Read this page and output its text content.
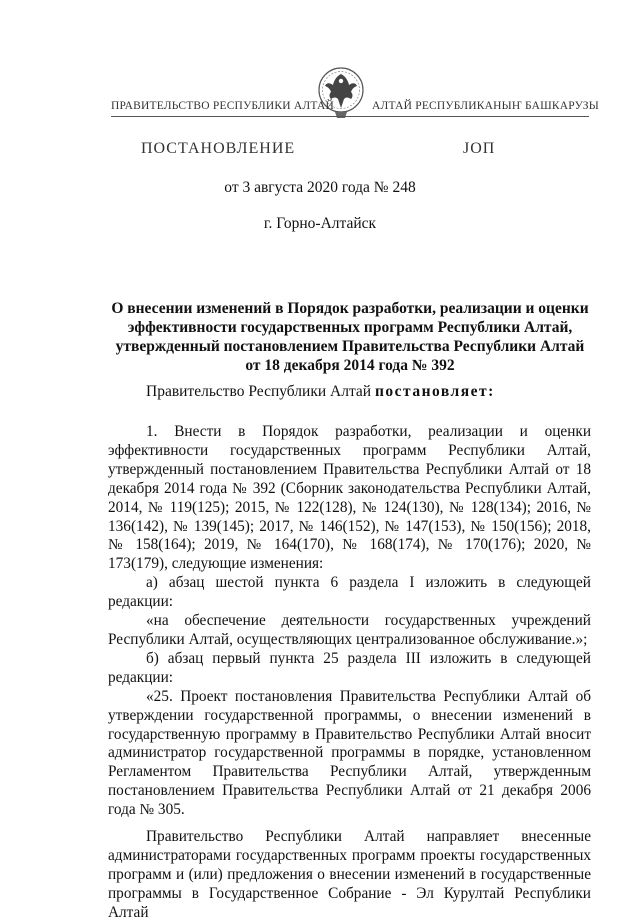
ПРАВИТЕЛЬСТВО РЕСПУБЛИКИ АЛТАЙ	АЛТАЙ РЕСПУБЛИКАНЫҤ БАШКАРУЗЫ
ПОСТАНОВЛЕНИЕ	ЈОП
от 3 августа 2020 года № 248
г. Горно-Алтайск
О внесении изменений в Порядок разработки, реализации и оценки эффективности государственных программ Республики Алтай, утвержденный постановлением Правительства Республики Алтай от 18 декабря 2014 года № 392
Правительство Республики Алтай постановляет:

1. Внести в Порядок разработки, реализации и оценки эффективности государственных программ Республики Алтай, утвержденный постановлением Правительства Республики Алтай от 18 декабря 2014 года № 392 (Сборник законодательства Республики Алтай, 2014, № 119(125); 2015, № 122(128), № 124(130), № 128(134); 2016, № 136(142), № 139(145); 2017, № 146(152), № 147(153), № 150(156); 2018, № 158(164); 2019, № 164(170), № 168(174), № 170(176); 2020, № 173(179), следующие изменения:

а) абзац шестой пункта 6 раздела I изложить в следующей редакции:

«на обеспечение деятельности государственных учреждений Республики Алтай, осуществляющих централизованное обслуживание.»;

б) абзац первый пункта 25 раздела III изложить в следующей редакции:

«25. Проект постановления Правительства Республики Алтай об утверждении государственной программы, о внесении изменений в государственную программу в Правительство Республики Алтай вносит администратор государственной программы в порядке, установленном Регламентом Правительства Республики Алтай, утвержденным постановлением Правительства Республики Алтай от 21 декабря 2006 года № 305.

Правительство Республики Алтай направляет внесенные администраторами государственных программ проекты государственных программ и (или) предложения о внесении изменений в государственные программы в Государственное Собрание - Эл Курултай Республики Алтай
